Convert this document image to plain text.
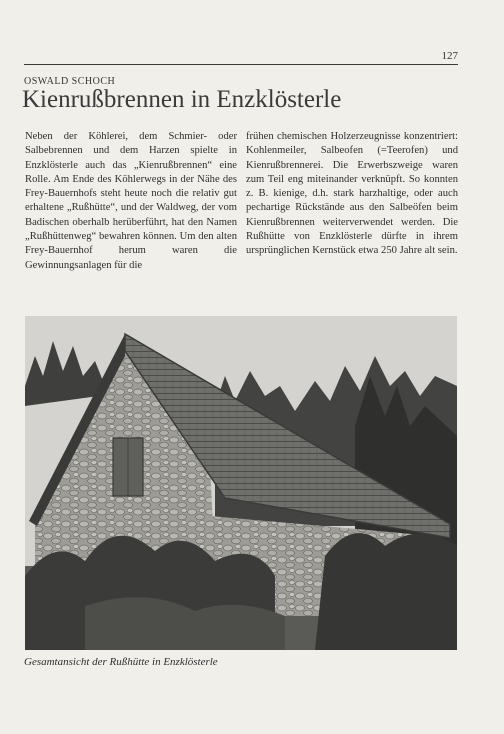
127
OSWALD SCHOCH
Kienrußbrennen in Enzklösterle
Neben der Köhlerei, dem Schmier- oder Salbebrennen und dem Harzen spielte in Enzklösterle auch das „Kienrußbrennen“ eine Rolle. Am Ende des Köhlerwegs in der Nähe des Frey-Bauernhofs steht heute noch die relativ gut erhaltene „Rußhütte“, und der Waldweg, der vom Badischen oberhalb herüberführt, hat den Namen „Rußhüttenweg“ bewahren können. Um den alten Frey-Bauernhof herum waren die Gewinnungsanlagen für die
frühen chemischen Holzerzeugnisse konzentriert: Kohlenmeiler, Salbeofen (=Teerofen) und Kienrußbrennerei. Die Erwerbszweige waren zum Teil eng miteinander verknüpft. So konnten z. B. kienige, d.h. stark harzhaltige, oder auch pechartige Rückstände aus den Salbeöfen beim Kienrußbrennen weiterverwendet werden. Die Rußhütte von Enzklösterle dürfte in ihrem ursprünglichen Kernstück etwa 250 Jahre alt sein.
Gesamtansicht der Rußhütte in Enzklösterle
